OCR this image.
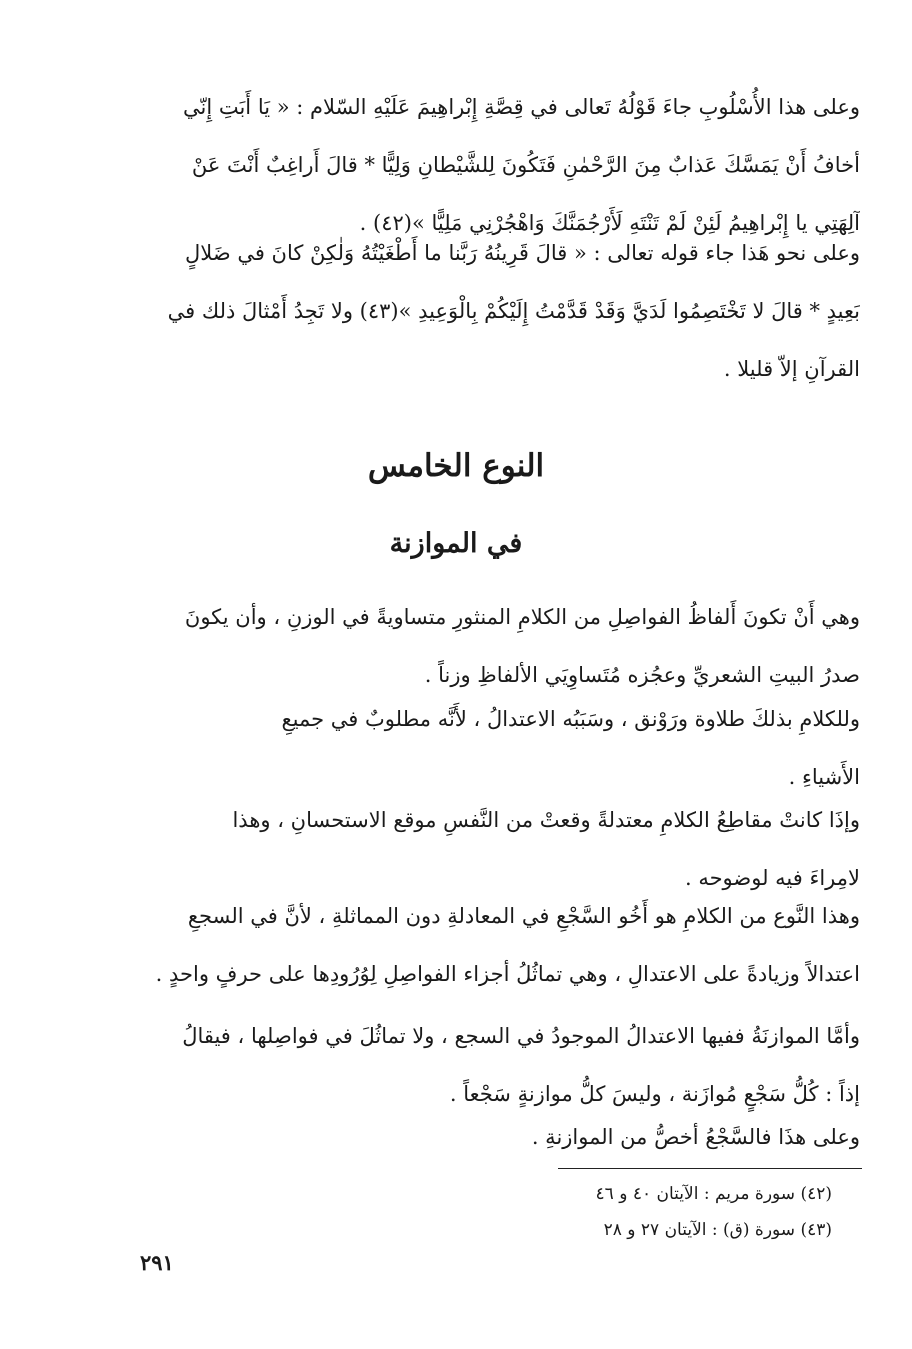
وعلى هذا الأُسْلُوبِ جاءَ قَوْلُهُ تَعالى في قِصَّةِ إِبْراهِيمَ عَلَيْهِ السّلام : « يَا أَبَتِ إِنّي
أخافُ أَنْ يَمَسَّكَ عَذابٌ مِنَ الرَّحْمٰنِ فَتَكُونَ لِلشَّيْطانِ وَلِيًّا * قالَ أَراغِبٌ أَنْتَ عَنْ
آلِهَتِي يا إِبْراهِيمُ لَئِنْ لَمْ تَنْتَهِ لَأَرْجُمَنَّكَ وَاهْجُرْنِي مَلِيًّا »(٤٢) .
وعلى نحو هَذا جاء قوله تعالى : « قالَ قَرِينُهُ رَبَّنا ما أَطْغَيْتُهُ وَلٰكِنْ كانَ في ضَلالٍ
بَعِيدٍ * قالَ لا تَخْتَصِمُوا لَدَيَّ وَقَدْ قَدَّمْتُ إِلَيْكُمْ بِالْوَعِيدِ »(٤٣) ولا تَجِدُ أَمْثالَ ذلك في
القرآنِ إلاّ قليلا .
النوع الخامس
في الموازنة
وهي أَنْ تكونَ أَلفاظُ الفواصِلِ من الكلامِ المنثورِ متساويةً في الوزنِ ، وأن يكونَ
صدرُ البيتِ الشعريِّ وعجُزه مُتَساوِيَي الألفاظِ وزناً .
وللكلامِ بذلكَ طلاوة ورَوْنق ، وسَبَبُه الاعتدالُ ، لأَنَّه مطلوبٌ في جميعِ
الأَشياءِ .
وإذَا كانتْ مقاطِعُ الكلامِ معتدلةً وقعتْ من النَّفسِ موقع الاستحسانِ ، وهذا
لامِراءَ فيه لوضوحه .
وهذا النَّوع من الكلامِ هو أَخُو السَّجْعِ في المعادلةِ دون المماثلةِ ، لأنَّ في السجعِ
اعتدالاً وزيادةً على الاعتدالِ ، وهي تماثُلُ أجزاء الفواصِلِ لِوُرُودِها على حرفٍ واحدٍ .
وأمَّا الموازنَةُ ففيها الاعتدالُ الموجودُ في السجع ، ولا تماثُلَ في فواصِلها ، فيقالُ
إذاً : كُلُّ سَجْعٍ مُوازَنة ، وليسَ كلُّ موازنةٍ سَجْعاً .
وعلى هذَا فالسَّجْعُ أخصُّ من الموازنةِ .
(٤٢) سورة مريم : الآيتان ٤٠ و ٤٦
(٤٣) سورة (ق) : الآيتان ٢٧ و ٢٨
٢٩١
